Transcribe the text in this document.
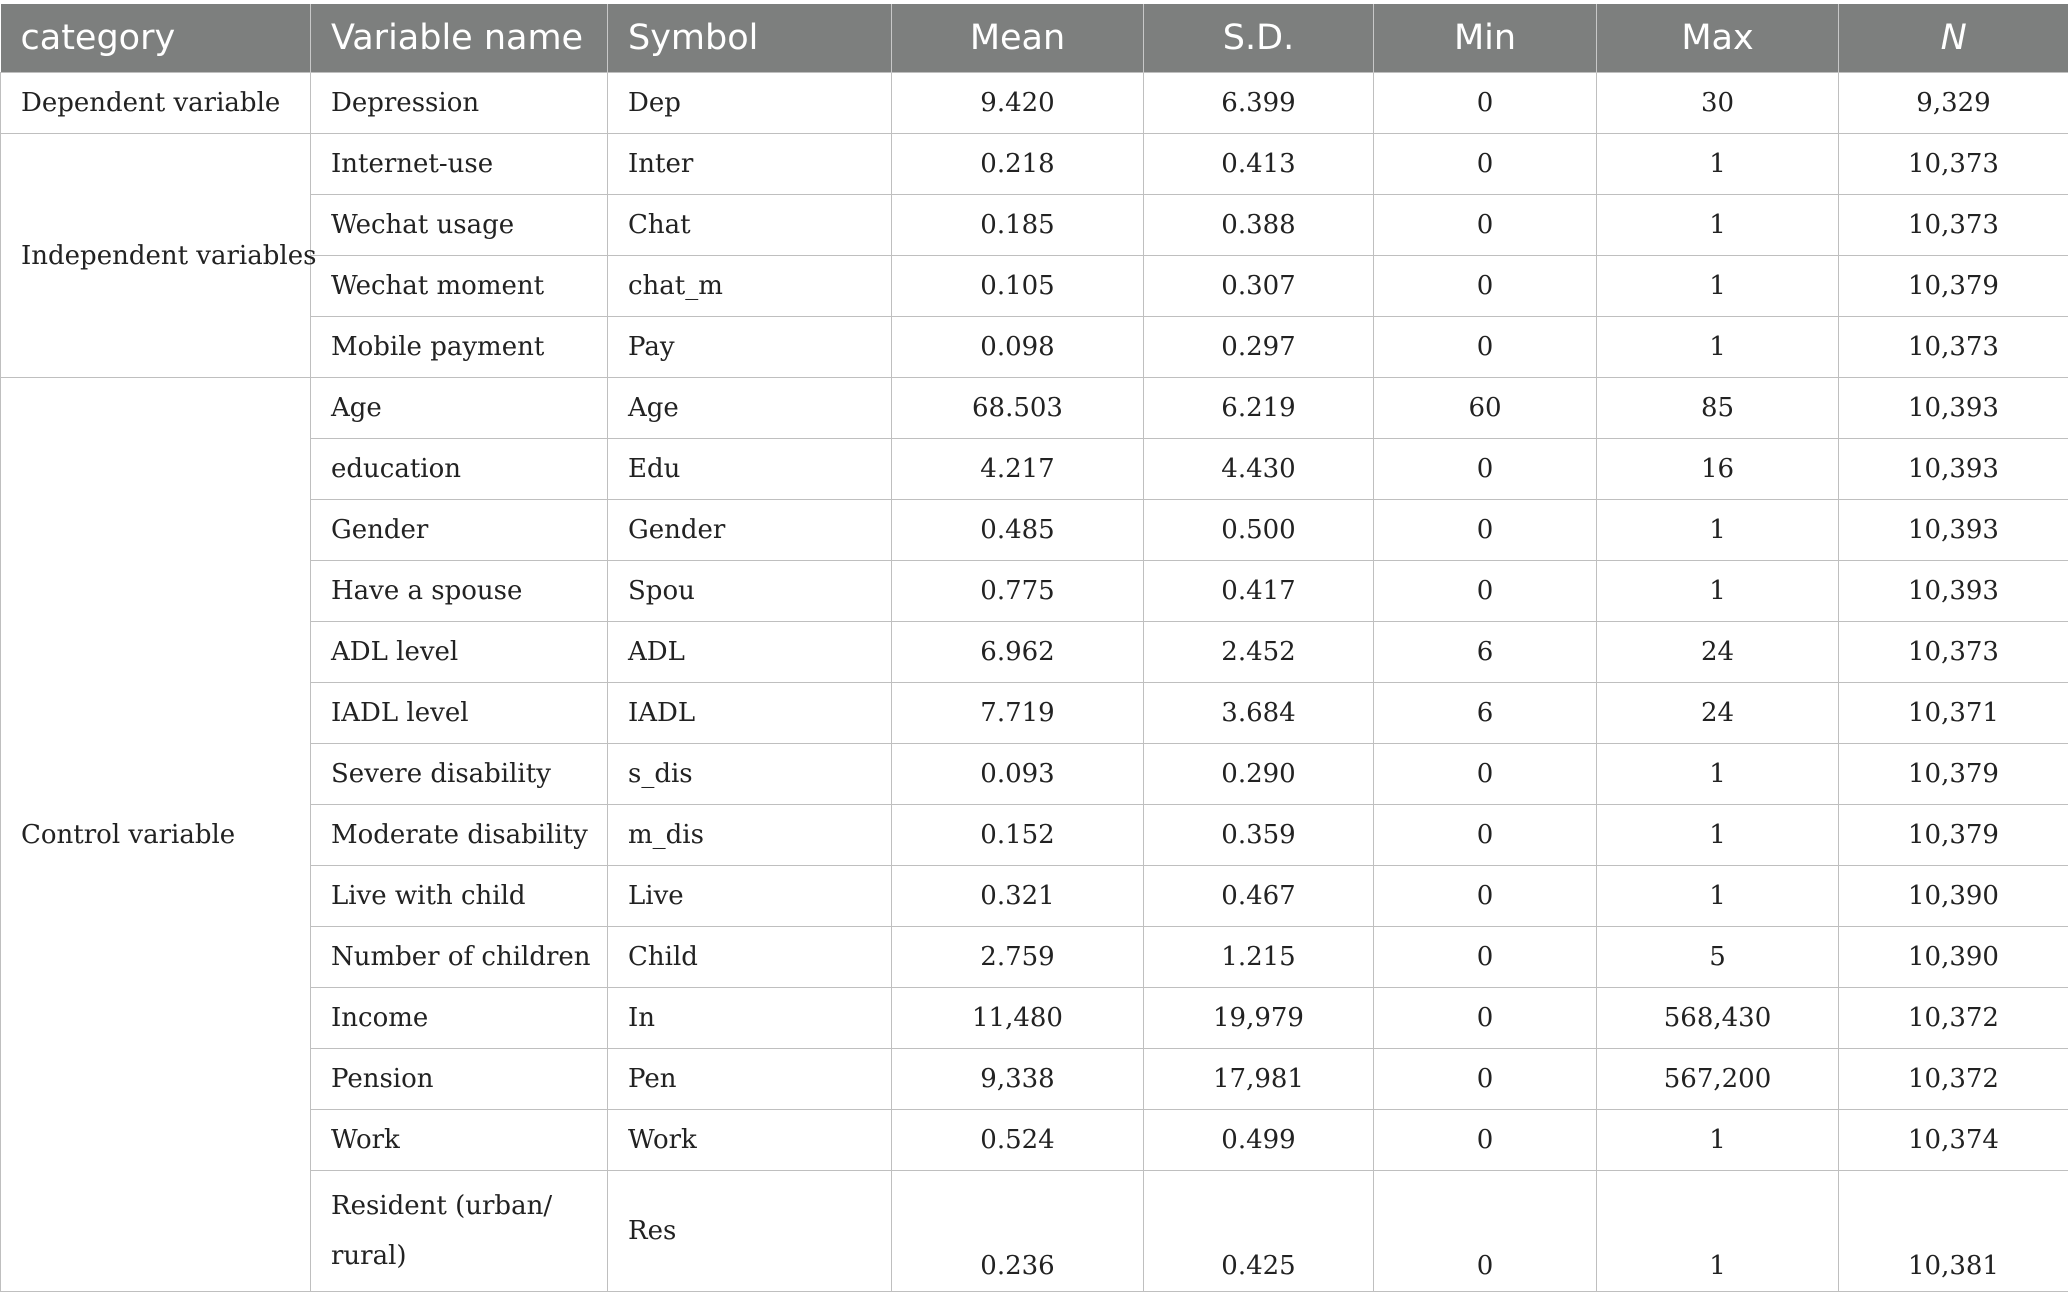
category	Variable name	Symbol	Mean	S.D.	Min	Max	N
Dependent variable	Depression	Dep	9.420	6.399	0	30	9,329
Independent variables	Internet-use	Inter	0.218	0.413	0	1	10,373
	Wechat usage	Chat	0.185	0.388	0	1	10,373
	Wechat moment	chat_m	0.105	0.307	0	1	10,379
	Mobile payment	Pay	0.098	0.297	0	1	10,373
Control variable	Age	Age	68.503	6.219	60	85	10,393
	education	Edu	4.217	4.430	0	16	10,393
	Gender	Gender	0.485	0.500	0	1	10,393
	Have a spouse	Spou	0.775	0.417	0	1	10,393
	ADL level	ADL	6.962	2.452	6	24	10,373
	IADL level	IADL	7.719	3.684	6	24	10,371
	Severe disability	s_dis	0.093	0.290	0	1	10,379
	Moderate disability	m_dis	0.152	0.359	0	1	10,379
	Live with child	Live	0.321	0.467	0	1	10,390
	Number of children	Child	2.759	1.215	0	5	10,390
	Income	In	11,480	19,979	0	568,430	10,372
	Pension	Pen	9,338	17,981	0	567,200	10,372
	Work	Work	0.524	0.499	0	1	10,374
	Resident (urban/ rural)	Res	0.236	0.425	0	1	10,381
